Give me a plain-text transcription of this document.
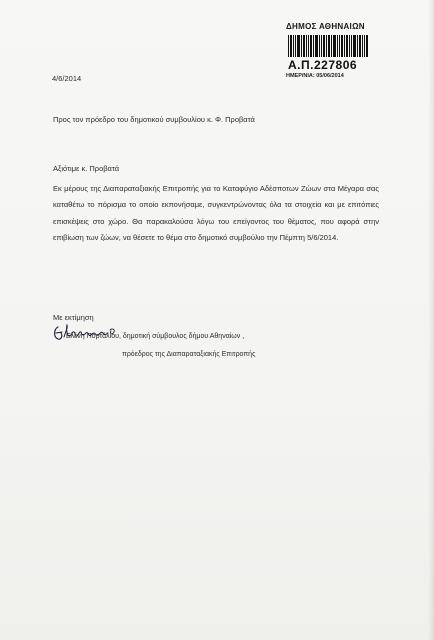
ΔΗΜΟΣ ΑΘΗΝΑΙΩΝ
Α.Π.227806
ΗΜΕΡ/ΝΙΑ: 05/06/2014
4/6/2014
Προς τον πρόεδρο του δημοτικού συμβουλίου κ. Φ. Προβατά
Αξιότιμε κ. Προβατά
Εκ μέρους της Διαπαραταξιακής Επιτροπής για το Καταφύγιο Αδέσποτων Ζώων στα Μέγαρα σας καταθέτω το πόρισμα το οποίο εκπονήσαμε, συγκεντρώνοντας όλα τα στοιχεία και με επιτόπιες επισκέψεις στο χώρο. Θα παρακαλούσα λόγω του επείγοντος του θέματος, που αφορά στην επιβίωση των ζώων, να θέσετε το θέμα στο δημοτικό συμβούλιο την Πέμπτη 5/6/2014.
Με εκτίμηση
Ελένη Πορτάλιου, δημοτική σύμβουλος δήμου Αθηναίων ,
πρόεδρος της Διαπαραταξιακής Επιτροπής
